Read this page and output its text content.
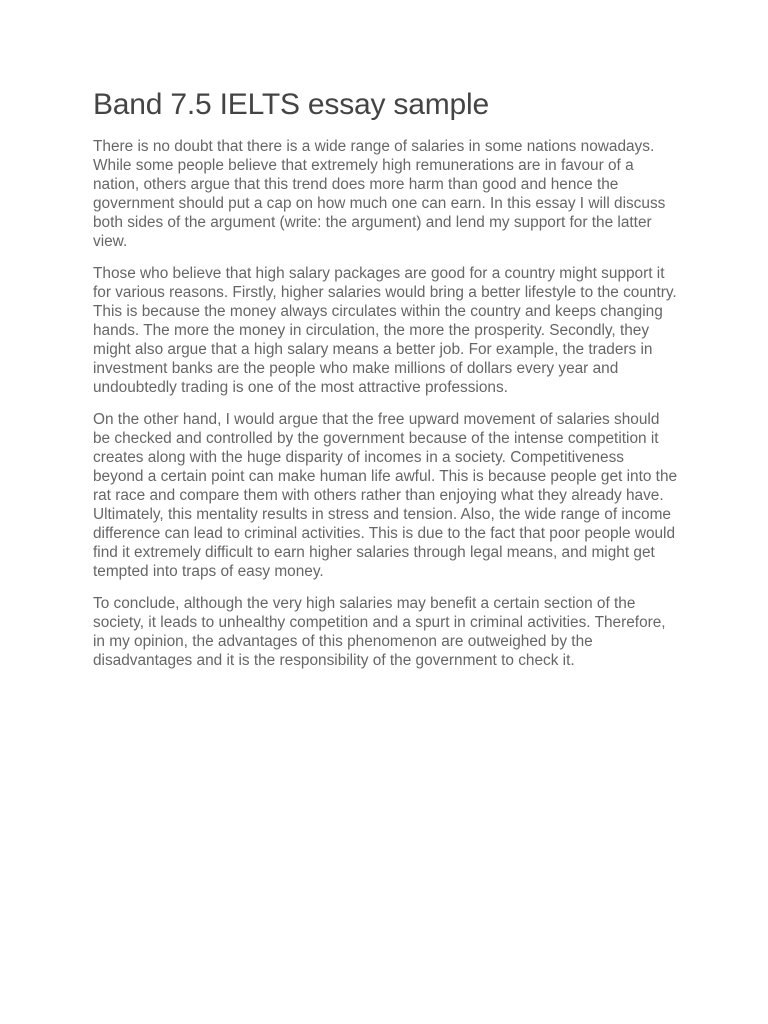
Band 7.5 IELTS essay sample

There is no doubt that there is a wide range of salaries in some nations nowadays. While some people believe that extremely high remunerations are in favour of a nation, others argue that this trend does more harm than good and hence the government should put a cap on how much one can earn. In this essay I will discuss both sides of the argument (write: the argument) and lend my support for the latter view.

Those who believe that high salary packages are good for a country might support it for various reasons. Firstly, higher salaries would bring a better lifestyle to the country. This is because the money always circulates within the country and keeps changing hands. The more the money in circulation, the more the prosperity. Secondly, they might also argue that a high salary means a better job. For example, the traders in investment banks are the people who make millions of dollars every year and undoubtedly trading is one of the most attractive professions.

On the other hand, I would argue that the free upward movement of salaries should be checked and controlled by the government because of the intense competition it creates along with the huge disparity of incomes in a society. Competitiveness beyond a certain point can make human life awful. This is because people get into the rat race and compare them with others rather than enjoying what they already have. Ultimately, this mentality results in stress and tension. Also, the wide range of income difference can lead to criminal activities. This is due to the fact that poor people would find it extremely difficult to earn higher salaries through legal means, and might get tempted into traps of easy money.

To conclude, although the very high salaries may benefit a certain section of the society, it leads to unhealthy competition and a spurt in criminal activities. Therefore, in my opinion, the advantages of this phenomenon are outweighed by the disadvantages and it is the responsibility of the government to check it.
